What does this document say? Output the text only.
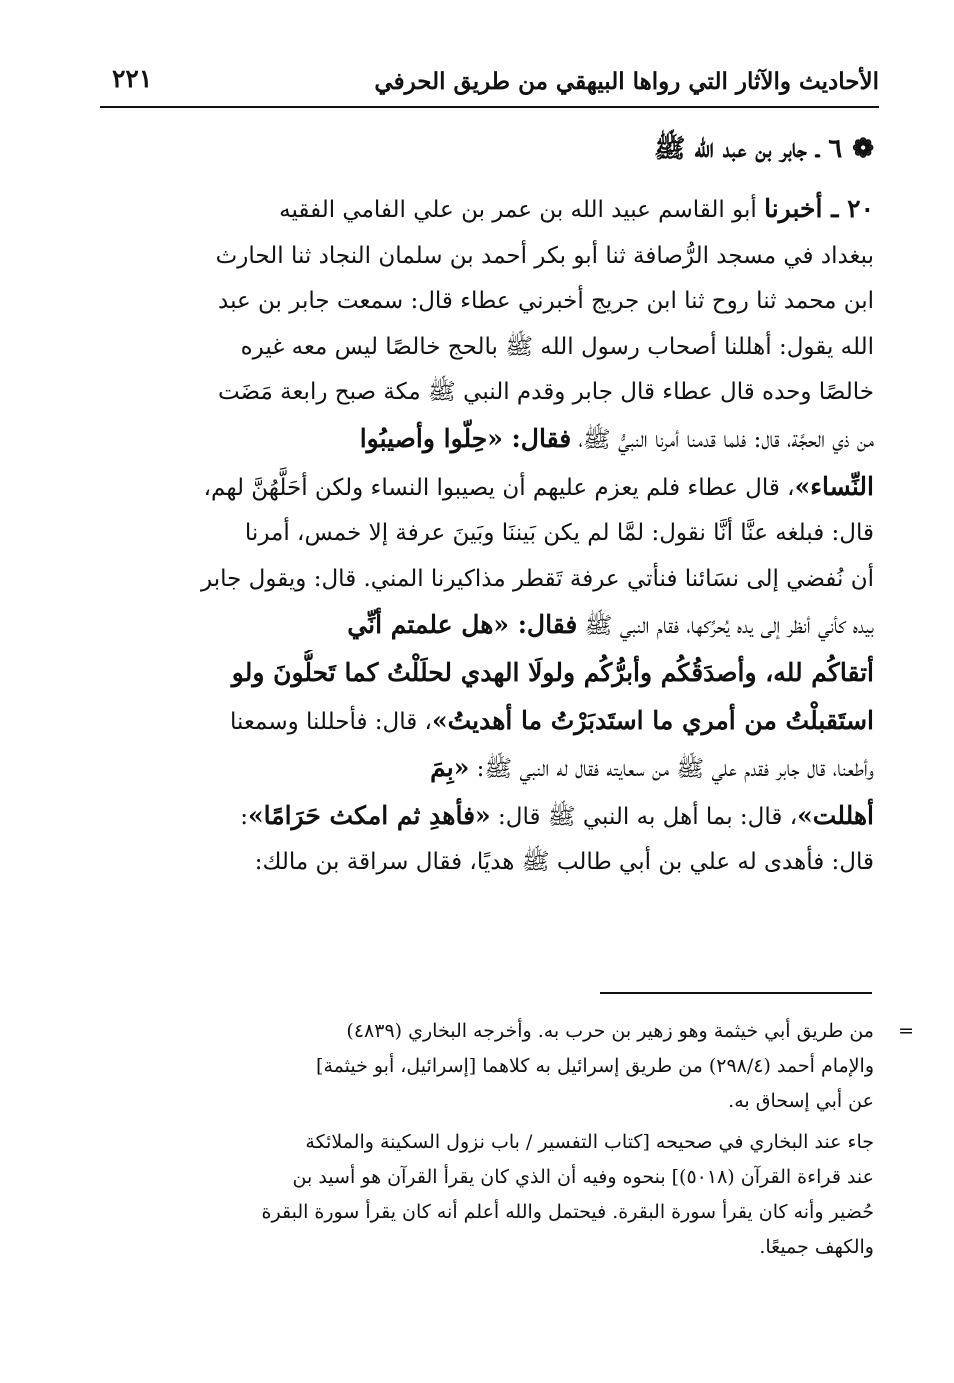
الأحاديث والآثار التي رواها البيهقي من طريق الحرفي
٢٢١
❁٦ ـ جابر بن عبد الله ﷺ
٢٠ ـ أخبرنا أبو القاسم عبيد الله بن عمر بن علي الفامي الفقيه
ببغداد في مسجد الرُّصافة ثنا أبو بكر أحمد بن سلمان النجاد ثنا الحارث
ابن محمد ثنا روح ثنا ابن جريج أخبرني عطاء قال: سمعت جابر بن عبد
الله يقول: أهللنا أصحاب رسول الله ﷺ بالحج خالصًا ليس معه غيره
خالصًا وحده قال عطاء قال جابر وقدم النبي ﷺ مكة صبح رابعة مَضَت
من ذي الحجَّة، قال: فلما قدمنا أمرنا النبيُّ ﷺ، فقال: «حِلّوا وأصيبُوا
النِّساء»، قال عطاء فلم يعزم عليهم أن يصيبوا النساء ولكن أحَلَّهُنَّ لهم،
قال: فبلغه عنَّا أنَّا نقول: لمَّا لم يكن بَيننَا وبَينَ عرفة إلا خمس، أمرنا
أن نُفضي إلى نسَائنا فنأتي عرفة تَقطر مذاكيرنا المني. قال: ويقول جابر
بيده كأني أنظر إلى يده يُحرِّكها، فقام النبي ﷺ فقال: «هل علمتم أنِّي
أتقاكُم لله، وأصدَقُكُم وأبرُّكُم ولولَا الهدي لحلَلْتُ كما تَحلُّونَ ولو
استَقبلْتُ من أمري ما استَدبَرْتُ ما أهديتُ»، قال: فأحللنا وسمعنا
وأطعنا، قال جابر فقدم علي ﷺ من سعايته فقال له النبي ﷺ: «بِمَ
أهللت»، قال: بما أهل به النبي ﷺ قال: «فأهدِ ثم امكث حَرَامًا»:
قال: فأهدى له علي بن أبي طالب ﷺ هديًا، فقال سراقة بن مالك:
=
من طريق أبي خيثمة وهو زهير بن حرب به. وأخرجه البخاري (٤٨٣٩)
والإمام أحمد (٢٩٨/٤) من طريق إسرائيل به كلاهما [إسرائيل، أبو خيثمة]
عن أبي إسحاق به.
جاء عند البخاري في صحيحه [كتاب التفسير / باب نزول السكينة والملائكة
عند قراءة القرآن (٥٠١٨)] بنحوه وفيه أن الذي كان يقرأ القرآن هو أسيد بن
حُضير وأنه كان يقرأ سورة البقرة. فيحتمل والله أعلم أنه كان يقرأ سورة البقرة
والكهف جميعًا.
